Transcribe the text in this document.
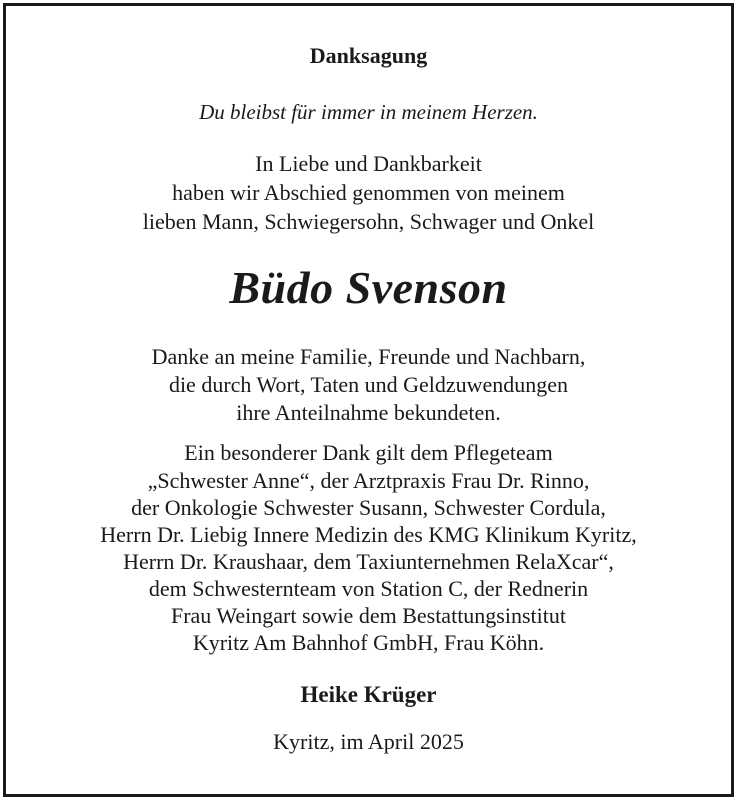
Danksagung
Du bleibst für immer in meinem Herzen.
In Liebe und Dankbarkeit
haben wir Abschied genommen von meinem
lieben Mann, Schwiegersohn, Schwager und Onkel
Büdo Svenson
Danke an meine Familie, Freunde und Nachbarn,
die durch Wort, Taten und Geldzuwendungen
ihre Anteilnahme bekundeten.
Ein besonderer Dank gilt dem Pflegeteam
„Schwester Anne“, der Arztpraxis Frau Dr. Rinno,
der Onkologie Schwester Susann, Schwester Cordula,
Herrn Dr. Liebig Innere Medizin des KMG Klinikum Kyritz,
Herrn Dr. Kraushaar, dem Taxiunternehmen RelaXcar“,
dem Schwesternteam von Station C, der Rednerin
Frau Weingart sowie dem Bestattungsinstitut
Kyritz Am Bahnhof GmbH, Frau Köhn.
Heike Krüger
Kyritz, im April 2025
